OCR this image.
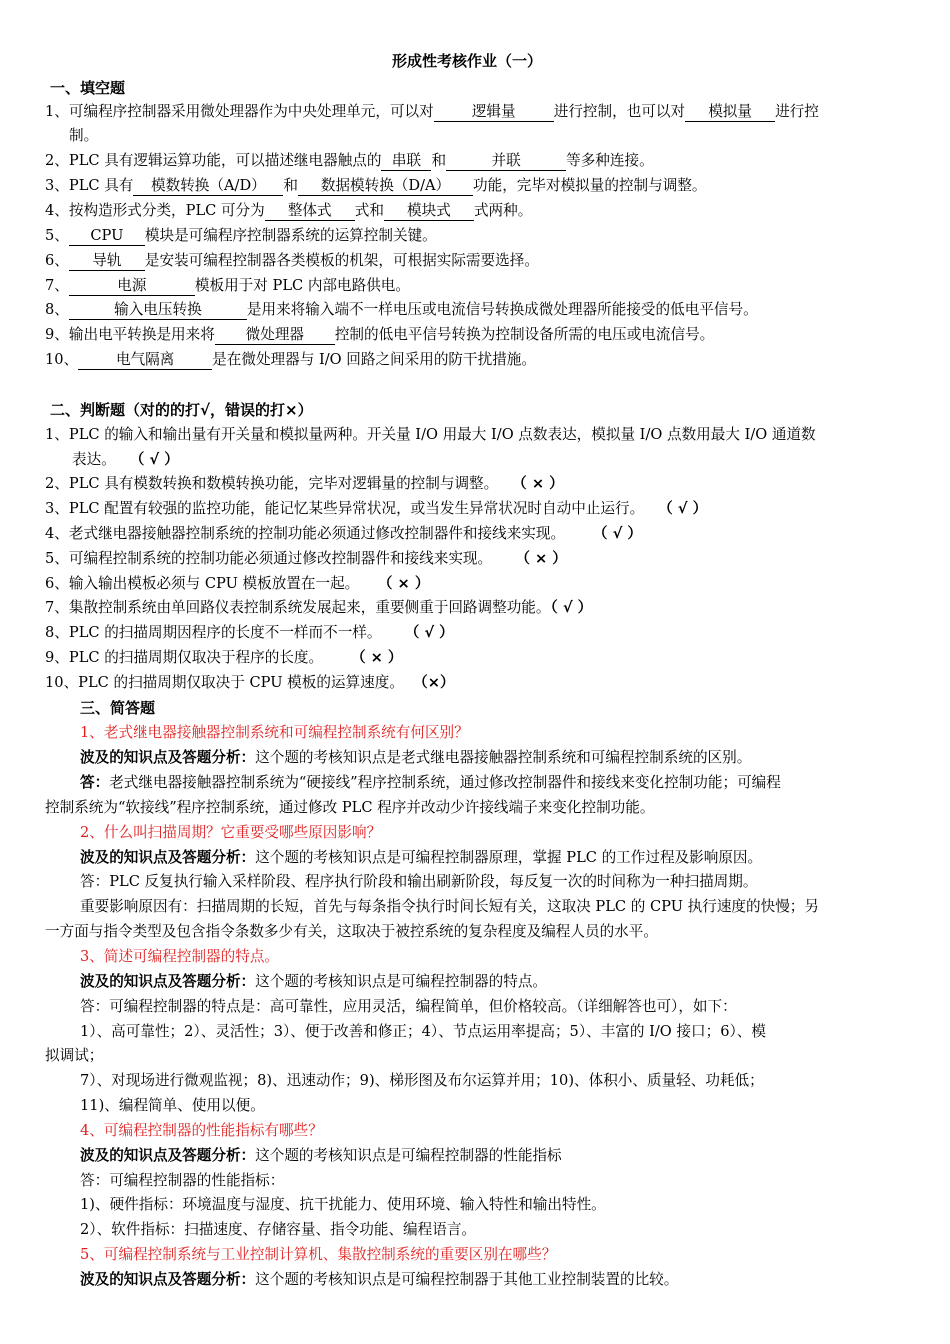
形成性考核作业（一）
一、填空题
1、可编程序控制器采用微处理器作为中央处理单元，可以对	逻辑量	进行控制，也可以对 模拟量 进行控
制。
2、PLC 具有逻辑运算功能，可以描述继电器触点的 串联 和	并联	等多种连接。
3、PLC 具有 模数转换（A/D） 和 数据模转换（D/A） 功能，完毕对模拟量的控制与调整。
4、按构造形式分类，PLC 可分为 整体式 式和 模块式 式两种。
5、 CPU 模块是可编程序控制器系统的运算控制关键。
6、 导轨 是安装可编程控制器各类模板的机架，可根据实际需要选择。
7、	电源	模板用于对 PLC 内部电路供电。
8、	输入电压转换	是用来将输入端不一样电压或电流信号转换成微处理器所能接受的低电平信号。
9、输出电平转换是用来将 微处理器 控制的低电平信号转换为控制设备所需的电压或电流信号。
10、	电气隔离	是在微处理器与 I/O 回路之间采用的防干扰措施。
二、判断题（对的的打√，错误的打×）
1、PLC 的输入和输出量有开关量和模拟量两种。开关量 I/O 用最大 I/O 点数表达，模拟量 I/O 点数用最大 I/O 通道数
表达。 （ √ ）
2、PLC 具有模数转换和数模转换功能，完毕对逻辑量的控制与调整。 （ × ）
3、PLC 配置有较强的监控功能，能记忆某些异常状况，或当发生异常状况时自动中止运行。 （ √ ）
4、老式继电器接触器控制系统的控制功能必须通过修改控制器件和接线来实现。 （ √ ）
5、可编程控制系统的控制功能必须通过修改控制器件和接线来实现。 （ × ）
6、输入输出模板必须与 CPU 模板放置在一起。 （ × ）
7、集散控制系统由单回路仪表控制系统发展起来，重要侧重于回路调整功能。（ √ ）
8、PLC 的扫描周期因程序的长度不一样而不一样。 （ √ ）
9、PLC 的扫描周期仅取决于程序的长度。 （ × ）
10、PLC 的扫描周期仅取决于 CPU 模板的运算速度。 （×）
三、简答题
1、老式继电器接触器控制系统和可编程控制系统有何区别？
波及的知识点及答题分析：这个题的考核知识点是老式继电器接触器控制系统和可编程控制系统的区别。
答：老式继电器接触器控制系统为“硬接线”程序控制系统，通过修改控制器件和接线来变化控制功能；可编程
控制系统为“软接线”程序控制系统，通过修改 PLC 程序并改动少许接线端子来变化控制功能。
2、什么叫扫描周期？它重要受哪些原因影响？
波及的知识点及答题分析：这个题的考核知识点是可编程控制器原理，掌握 PLC 的工作过程及影响原因。
答：PLC 反复执行输入采样阶段、程序执行阶段和输出刷新阶段，每反复一次的时间称为一种扫描周期。
重要影响原因有：扫描周期的长短，首先与每条指令执行时间长短有关，这取决 PLC 的 CPU 执行速度的快慢；另
一方面与指令类型及包含指令条数多少有关，这取决于被控系统的复杂程度及编程人员的水平。
3、简述可编程控制器的特点。
波及的知识点及答题分析：这个题的考核知识点是可编程控制器的特点。
答：可编程控制器的特点是：高可靠性，应用灵活，编程简单，但价格较高。（详细解答也可），如下：
1）、高可靠性；2）、灵活性；3）、便于改善和修正；4）、节点运用率提高；5）、丰富的 I/O 接口；6）、模
拟调试；
7）、对现场进行微观监视；8)、迅速动作；9)、梯形图及布尔运算并用；10)、体积小、质量轻、功耗低；
11)、编程简单、使用以便。
4、可编程控制器的性能指标有哪些？
波及的知识点及答题分析：这个题的考核知识点是可编程控制器的性能指标
答：可编程控制器的性能指标：
1)、硬件指标：环境温度与湿度、抗干扰能力、使用环境、输入特性和输出特性。
2）、软件指标：扫描速度、存储容量、指令功能、编程语言。
5、可编程控制系统与工业控制计算机、集散控制系统的重要区别在哪些？
波及的知识点及答题分析：这个题的考核知识点是可编程控制器于其他工业控制装置的比较。
